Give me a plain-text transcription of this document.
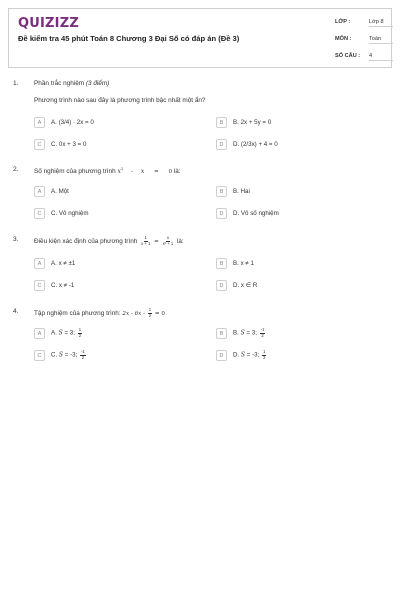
QUIZIZZ
Đề kiểm tra 45 phút Toán 8 Chương 3 Đại Số có đáp án (Đề 3)
LỚP :	Lớp 8
MÔN :	Toán
SỐ CÂU : 4
1. Phần trắc nghiệm (3 điểm)
Phương trình nào sau đây là phương trình bậc nhất một ẩn?
A	A. (3/4) · 2x = 0	B	B. 2x + 5y = 0
C	C. 0x + 3 = 0	D	D. (2/3x) + 4 = 0
2. Số nghiệm của phương trình $x^2 - x = 0$ là:
A	A. Một	B	B. Hai
C	C. Vô nghiệm	D	D. Vô số nghiệm
3. Điều kiện xác định của phương trình $\frac{1}{x + 1} = \frac{x}{\text{x² + 1}}$ là:
A	A. x ≠ ±1	B	B. x ≠ 1
C	C. x ≠ -1	D	D. x ∈ R
4. Tập nghiệm của phương trình: $2x - 6x - \frac{1}{2} = 0$
A	A. S = 3; $\frac{1}{2}$	B	B. S = 3; $\frac{-1}{2}$
C	C. S = -3; $\frac{-1}{2}$	D	D. S = -3; $\frac{1}{2}$
